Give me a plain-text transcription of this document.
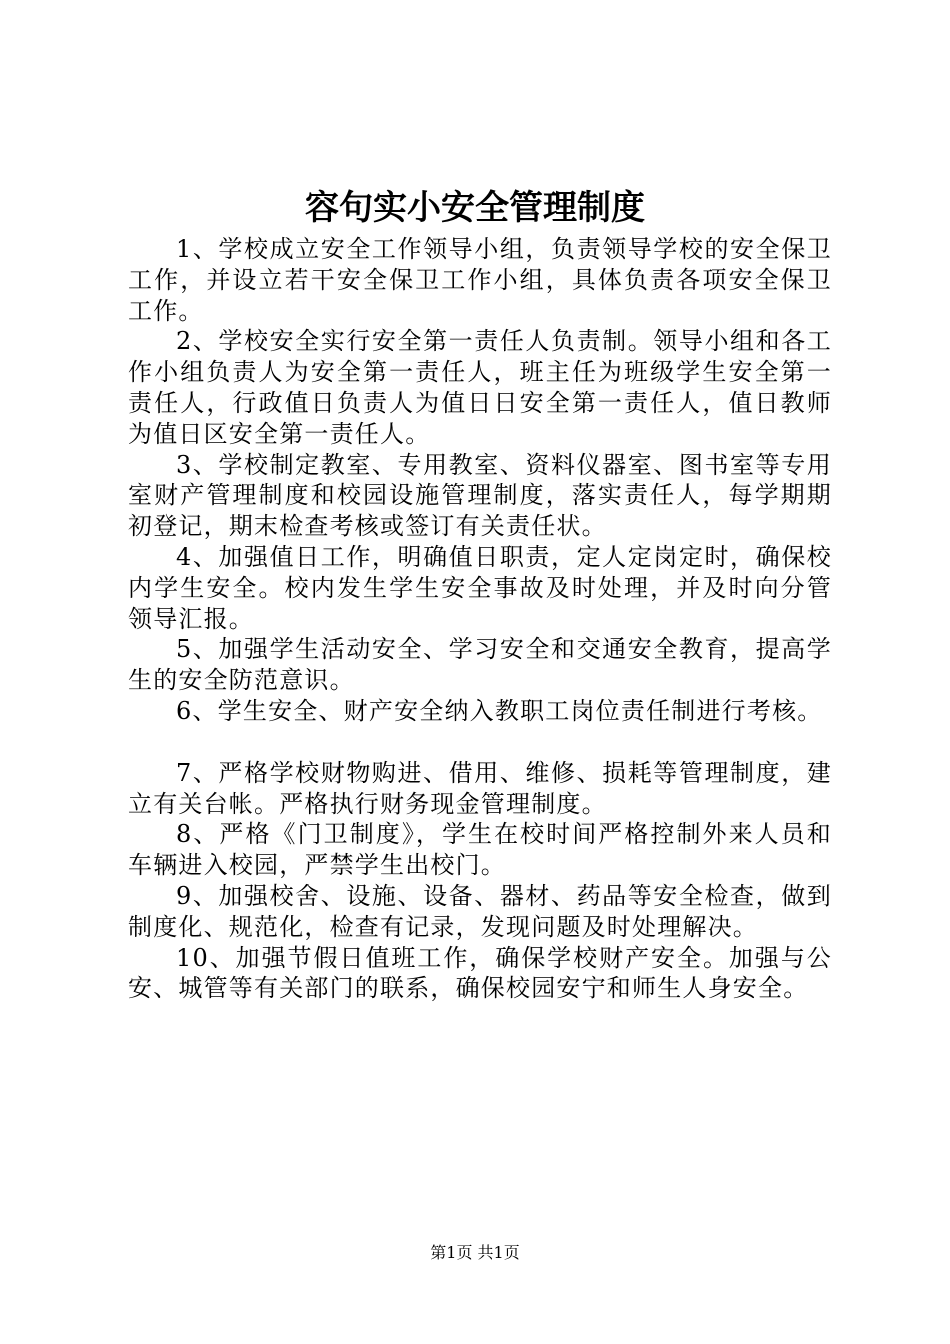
容句实小安全管理制度

1、学校成立安全工作领导小组，负责领导学校的安全保卫工作，并设立若干安全保卫工作小组，具体负责各项安全保卫工作。

2、学校安全实行安全第一责任人负责制。领导小组和各工作小组负责人为安全第一责任人，班主任为班级学生安全第一责任人，行政值日负责人为值日日安全第一责任人，值日教师为值日区安全第一责任人。

3、学校制定教室、专用教室、资料仪器室、图书室等专用室财产管理制度和校园设施管理制度，落实责任人，每学期期初登记，期末检查考核或签订有关责任状。

4、加强值日工作，明确值日职责，定人定岗定时，确保校内学生安全。校内发生学生安全事故及时处理，并及时向分管领导汇报。

5、加强学生活动安全、学习安全和交通安全教育，提高学生的安全防范意识。

6、学生安全、财产安全纳入教职工岗位责任制进行考核。

7、严格学校财物购进、借用、维修、损耗等管理制度，建立有关台帐。严格执行财务现金管理制度。

8、严格《门卫制度》，学生在校时间严格控制外来人员和车辆进入校园，严禁学生出校门。

9、加强校舍、设施、设备、器材、药品等安全检查，做到制度化、规范化，检查有记录，发现问题及时处理解决。

10、加强节假日值班工作，确保学校财产安全。加强与公安、城管等有关部门的联系，确保校园安宁和师生人身安全。

第1页 共1页
